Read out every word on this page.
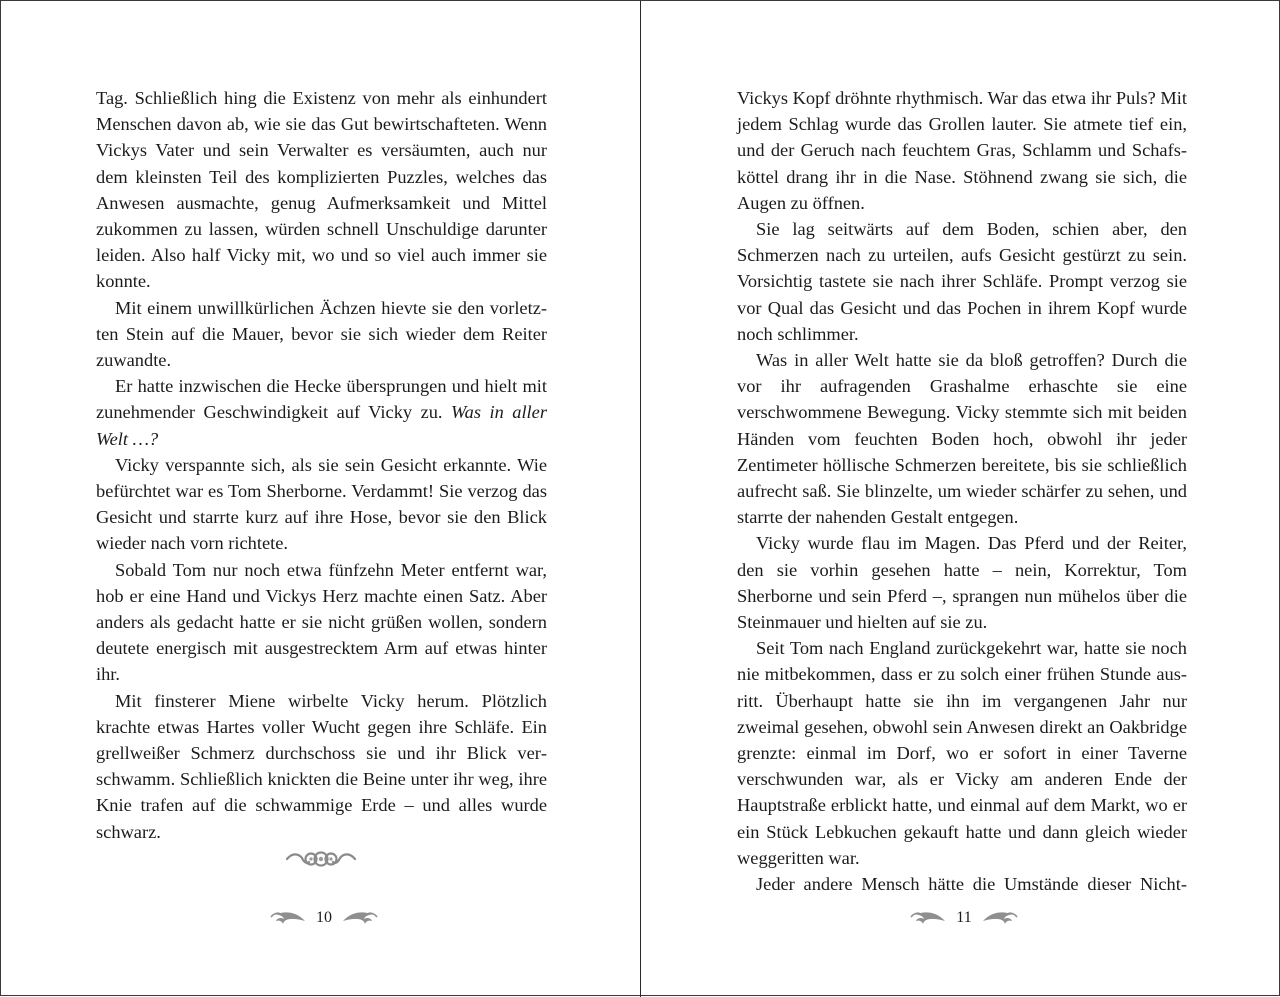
Tag. Schließlich hing die Existenz von mehr als einhundert Menschen davon ab, wie sie das Gut bewirtschafteten. Wenn Vickys Vater und sein Verwalter es versäumten, auch nur dem kleinsten Teil des komplizierten Puzzles, welches das Anwesen ausmachte, genug Aufmerksamkeit und Mittel zukommen zu lassen, würden schnell Unschuldige darunter leiden. Also half Vicky mit, wo und so viel auch immer sie konnte.

Mit einem unwillkürlichen Ächzen hievte sie den vorletzten Stein auf die Mauer, bevor sie sich wieder dem Reiter zuwandte.

Er hatte inzwischen die Hecke übersprungen und hielt mit zunehmender Geschwindigkeit auf Vicky zu. Was in aller Welt …?

Vicky verspannte sich, als sie sein Gesicht erkannte. Wie befürchtet war es Tom Sherborne. Verdammt! Sie verzog das Gesicht und starrte kurz auf ihre Hose, bevor sie den Blick wieder nach vorn richtete.

Sobald Tom nur noch etwa fünfzehn Meter entfernt war, hob er eine Hand und Vickys Herz machte einen Satz. Aber anders als gedacht hatte er sie nicht grüßen wollen, sondern deutete energisch mit ausgestrecktem Arm auf etwas hinter ihr.

Mit finsterer Miene wirbelte Vicky herum. Plötzlich krachte etwas Hartes voller Wucht gegen ihre Schläfe. Ein grellweißer Schmerz durchschoss sie und ihr Blick verschwamm. Schließlich knickten die Beine unter ihr weg, ihre Knie trafen auf die schwammige Erde – und alles wurde schwarz.

10

Vickys Kopf dröhnte rhythmisch. War das etwa ihr Puls? Mit jedem Schlag wurde das Grollen lauter. Sie atmete tief ein, und der Geruch nach feuchtem Gras, Schlamm und Schafsköttel drang ihr in die Nase. Stöhnend zwang sie sich, die Augen zu öffnen.

Sie lag seitwärts auf dem Boden, schien aber, den Schmerzen nach zu urteilen, aufs Gesicht gestürzt zu sein. Vorsichtig tastete sie nach ihrer Schläfe. Prompt verzog sie vor Qual das Gesicht und das Pochen in ihrem Kopf wurde noch schlimmer.

Was in aller Welt hatte sie da bloß getroffen? Durch die vor ihr aufragenden Grashalme erhaschte sie eine verschwommene Bewegung. Vicky stemmte sich mit beiden Händen vom feuchten Boden hoch, obwohl ihr jeder Zentimeter höllische Schmerzen bereitete, bis sie schließlich aufrecht saß. Sie blinzelte, um wieder schärfer zu sehen, und starrte der nahenden Gestalt entgegen.

Vicky wurde flau im Magen. Das Pferd und der Reiter, den sie vorhin gesehen hatte – nein, Korrektur, Tom Sherborne und sein Pferd –, sprangen nun mühelos über die Steinmauer und hielten auf sie zu.

Seit Tom nach England zurückgekehrt war, hatte sie noch nie mitbekommen, dass er zu solch einer frühen Stunde ausritt. Überhaupt hatte sie ihn im vergangenen Jahr nur zweimal gesehen, obwohl sein Anwesen direkt an Oakbridge grenzte: einmal im Dorf, wo er sofort in einer Taverne verschwunden war, als er Vicky am anderen Ende der Hauptstraße erblickt hatte, und einmal auf dem Markt, wo er ein Stück Lebkuchen gekauft hatte und dann gleich wieder weggeritten war.

Jeder andere Mensch hätte die Umstände dieser Nicht-

11
